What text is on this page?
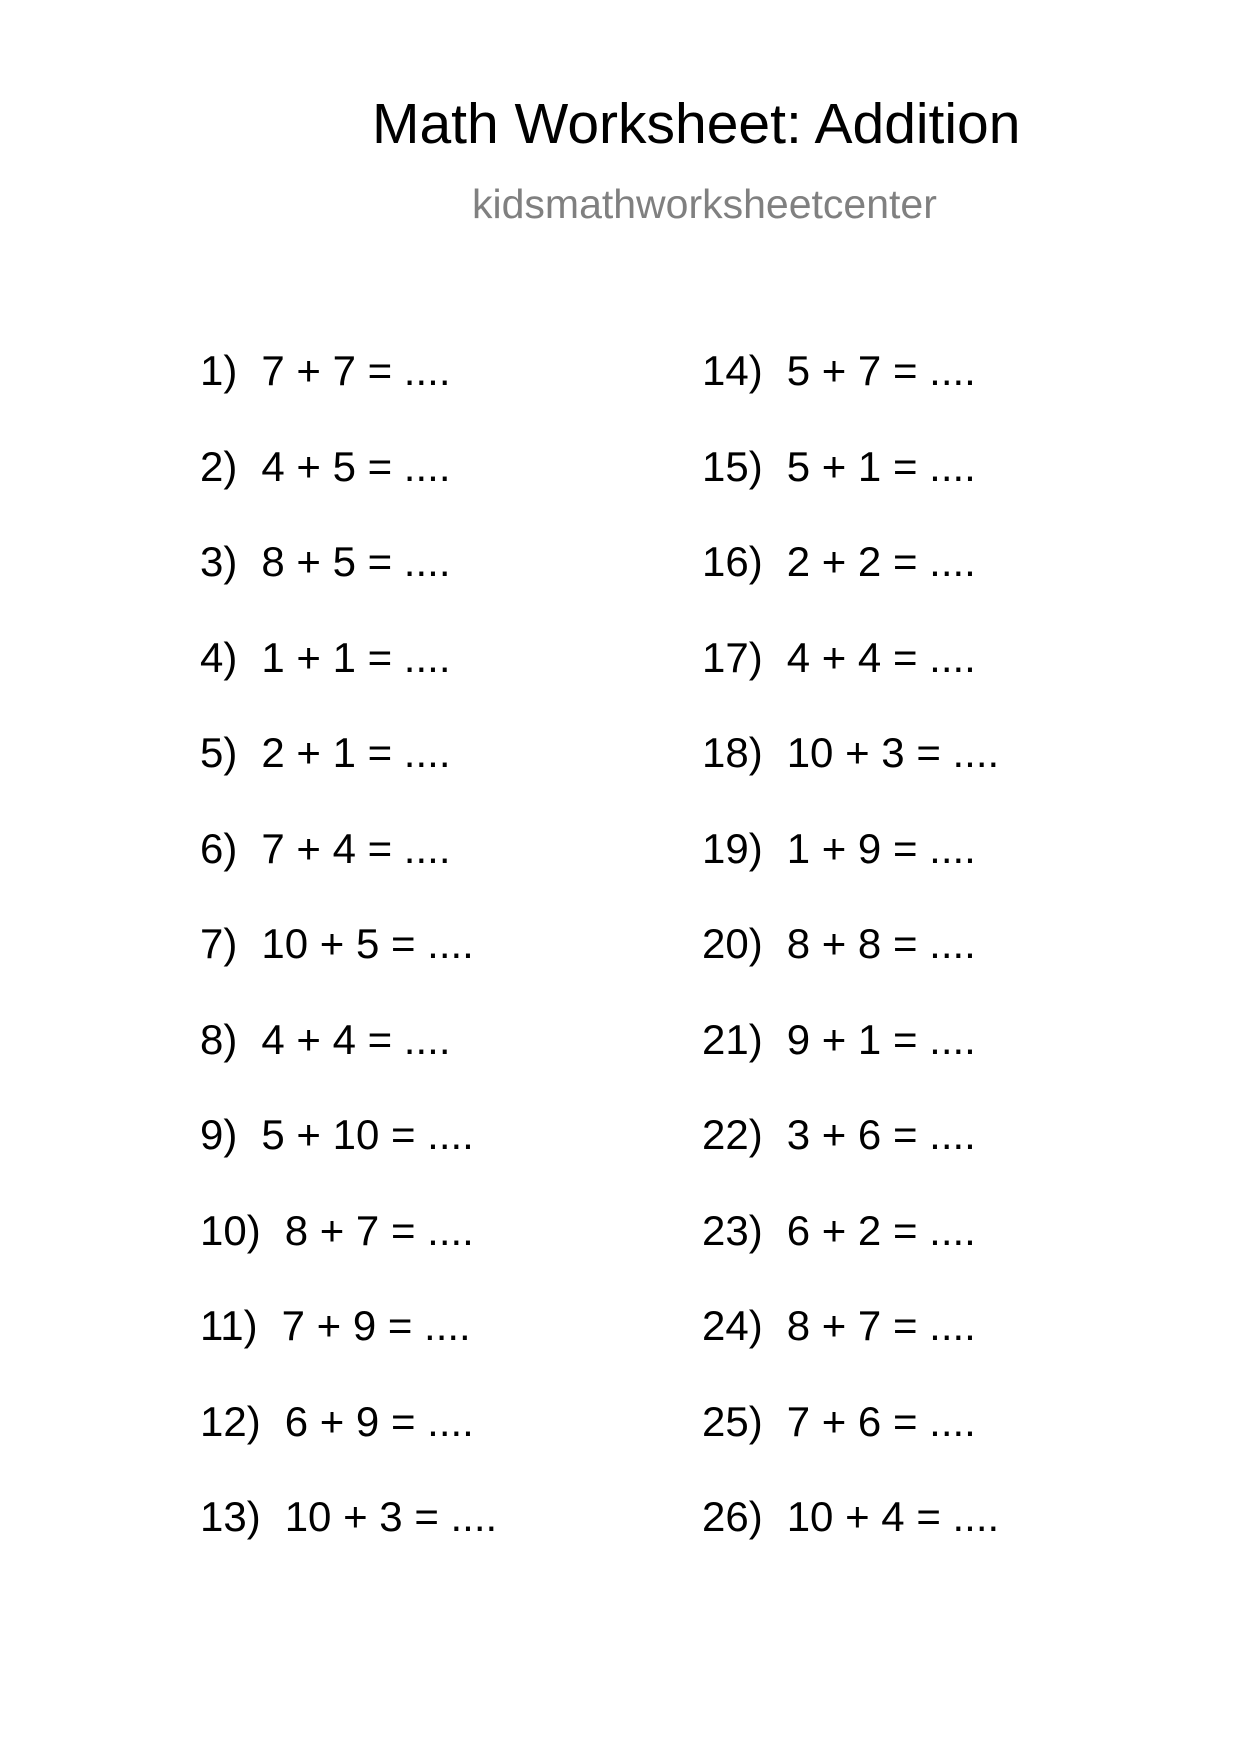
Math Worksheet: Addition
kidsmathworksheetcenter
1) 7 + 7 = ....
2) 4 + 5 = ....
3) 8 + 5 = ....
4) 1 + 1 = ....
5) 2 + 1 = ....
6) 7 + 4 = ....
7) 10 + 5 = ....
8) 4 + 4 = ....
9) 5 + 10 = ....
10) 8 + 7 = ....
11) 7 + 9 = ....
12) 6 + 9 = ....
13) 10 + 3 = ....
14) 5 + 7 = ....
15) 5 + 1 = ....
16) 2 + 2 = ....
17) 4 + 4 = ....
18) 10 + 3 = ....
19) 1 + 9 = ....
20) 8 + 8 = ....
21) 9 + 1 = ....
22) 3 + 6 = ....
23) 6 + 2 = ....
24) 8 + 7 = ....
25) 7 + 6 = ....
26) 10 + 4 = ....
